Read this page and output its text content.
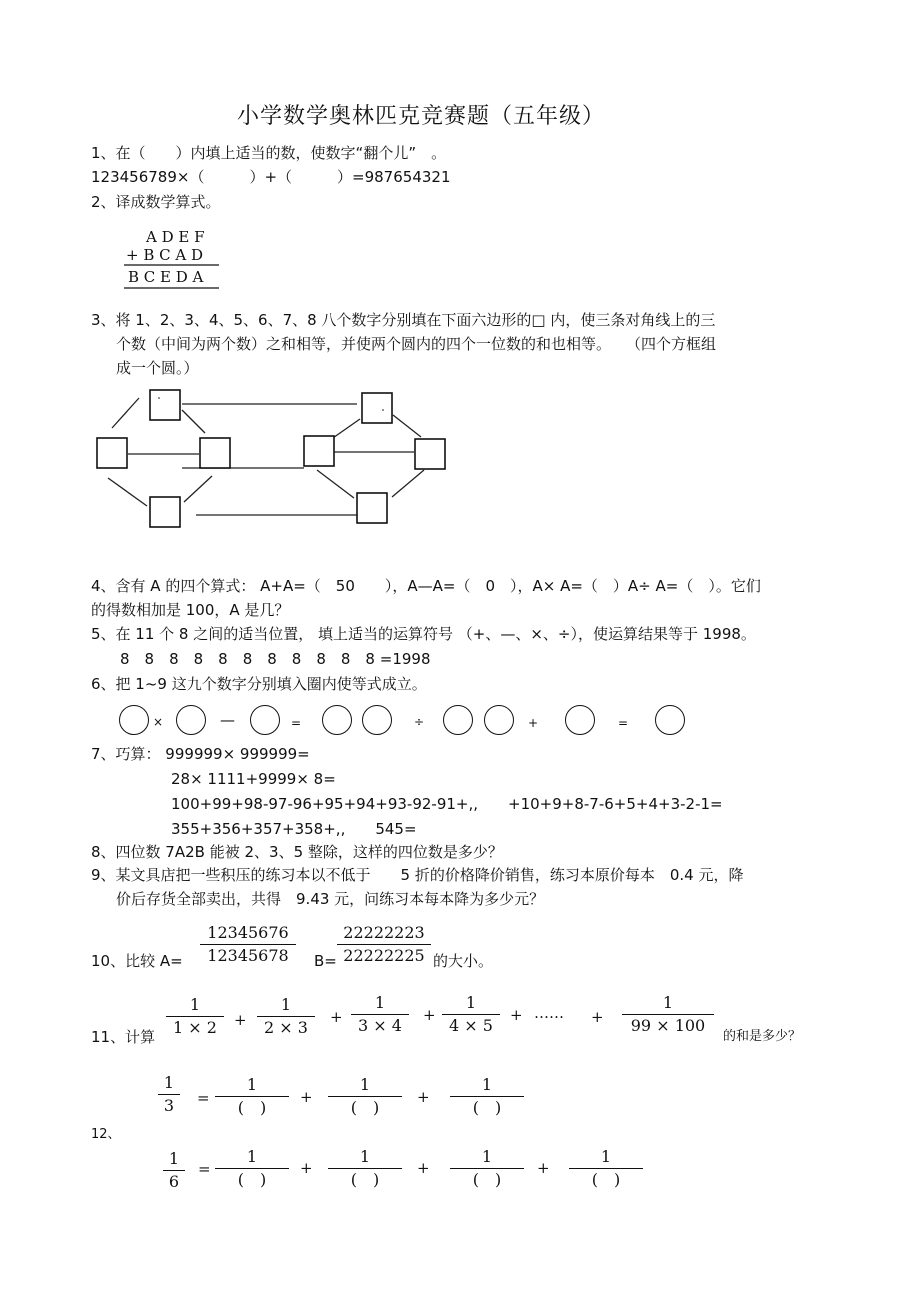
小学数学奥林匹克竞赛题（五年级）
1、在（　　）内填上适当的数，使数字“翻个儿”　。
123456789×（　　　）+（　　　）=987654321
2、译成数学算式。
A D E F
+ B C A D
B C E D A
3、将 1、2、3、4、5、6、7、8 八个数字分别填在下面六边形的□ 内，使三条对角线上的三
个数（中间为两个数）之和相等，并使两个圆内的四个一位数的和也相等。　　（四个方框组
成一个圆。）
4、含有 A 的四个算式： A+A=（　50　　），A—A=（　0　），A× A=（　）A÷ A=（　）。它们
的得数相加是 100，A 是几？
5、在 11 个 8 之间的适当位置， 填上适当的运算符号 （+、—、×、÷），使运算结果等于 1998。
8　8　8　8　8　8　8　8　8　8　8 =1998
6、把 1~9 这九个数字分别填入圈内使等式成立。
×	—	=	÷	+	=
7、巧算： 999999× 999999=
28× 1111+9999× 8=
100+99+98-97-96+95+94+93-92-91+,,　　+10+9+8-7-6+5+4+3-2-1=
355+356+357+358+,,　　545=
8、四位数 7A2B 能被 2、3、5 整除，这样的四位数是多少？
9、某文具店把一些积压的练习本以不低于　　5 折的价格降价销售，练习本原价每本　0.4 元，降
价后存货全部卖出，共得　9.43 元，问练习本每本降为多少元？
10、比较 A=
12345676
12345678	B=
22222223
22222225 的大小。
11、计算
1
1 × 2	+
1
2 × 3
+
1
3 × 4
+
1
4 × 5
+ …… +
1
99 × 100
的和是多少？
12、
1
3	=
1
(　)
+
1
(　)
+
1
(　)
1
6
=
1
(　)
+
1
(　)
+
1
(　)
+
1
(　)
